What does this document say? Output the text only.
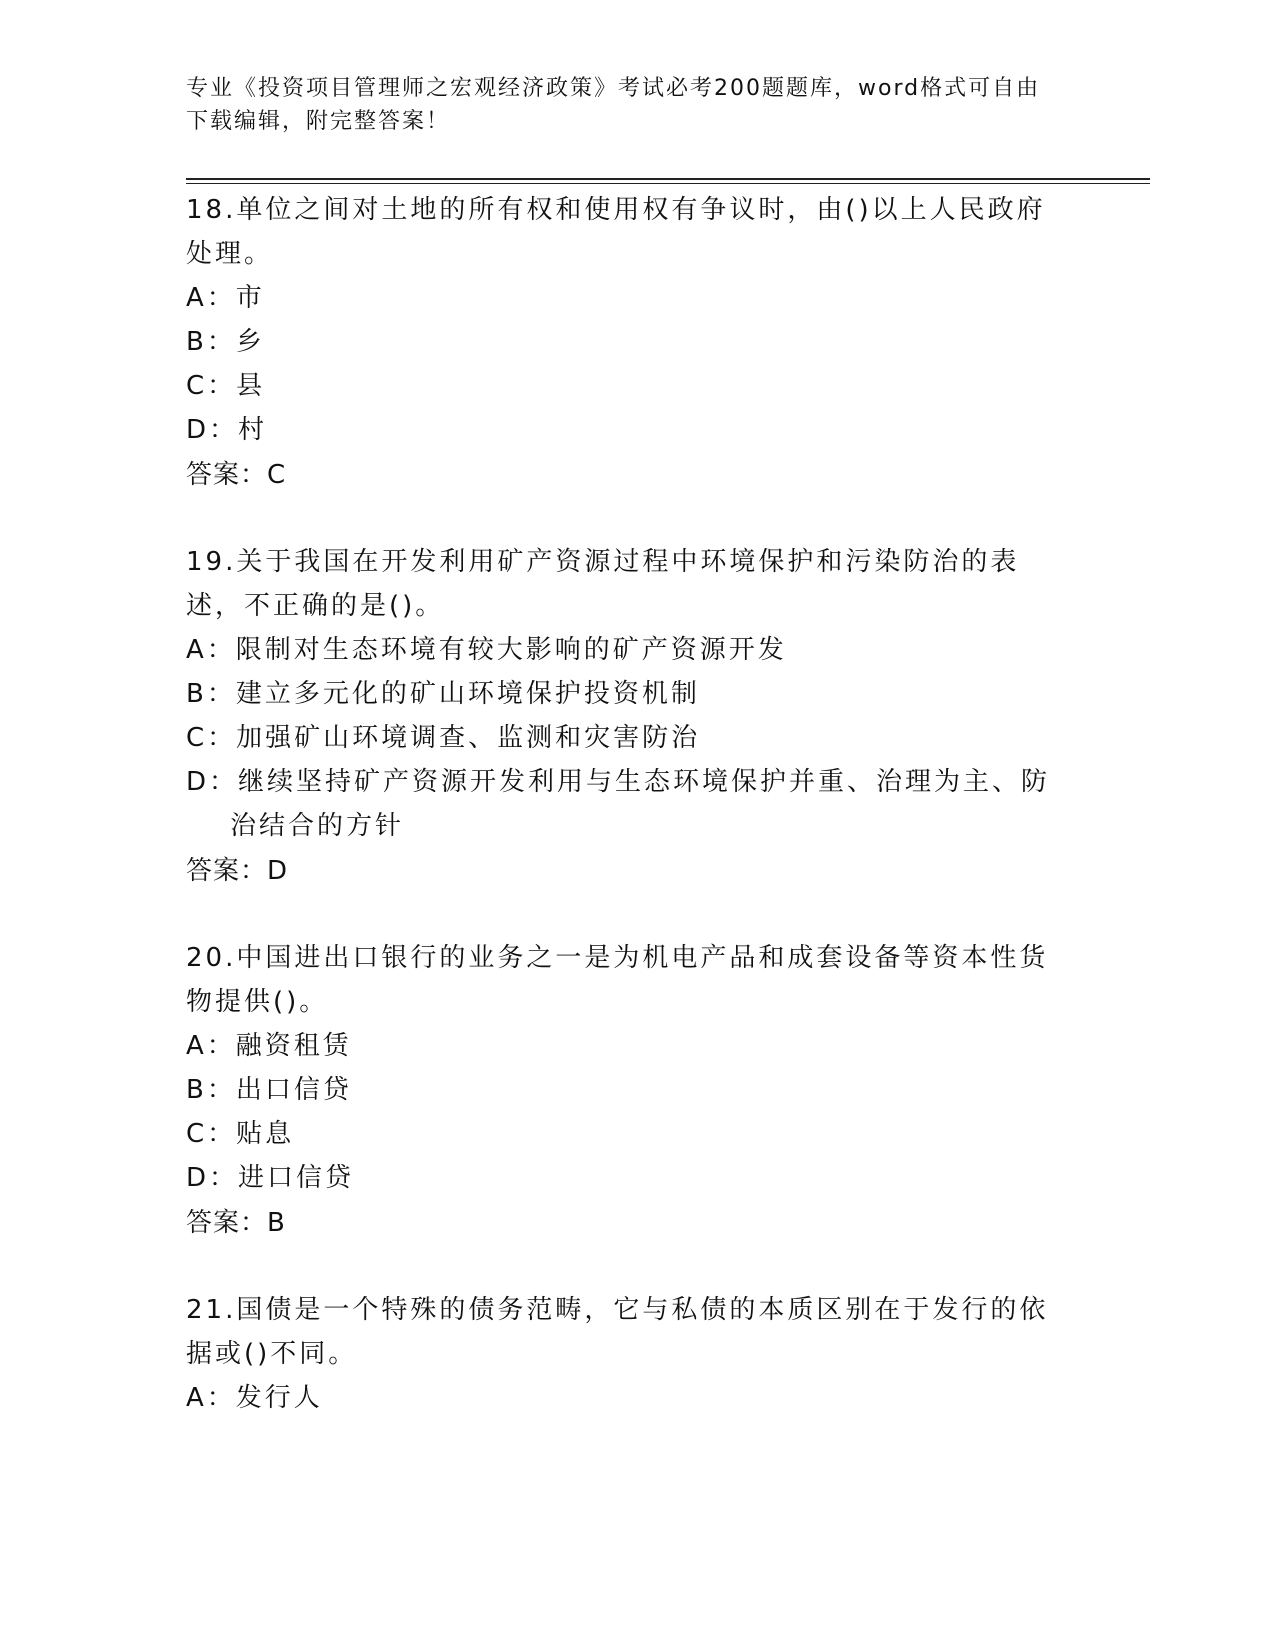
专业《投资项目管理师之宏观经济政策》考试必考200题题库，word格式可自由
下载编辑，附完整答案！

18.单位之间对土地的所有权和使用权有争议时，由()以上人民政府处理。

A：市

B：乡

C：县

D：村

答案：C

19.关于我国在开发利用矿产资源过程中环境保护和污染防治的表述，不正确的是()。

A：限制对生态环境有较大影响的矿产资源开发

B：建立多元化的矿山环境保护投资机制

C：加强矿山环境调查、监测和灾害防治

D：继续坚持矿产资源开发利用与生态环境保护并重、治理为主、防治结合的方针

答案：D

20.中国进出口银行的业务之一是为机电产品和成套设备等资本性货物提供()。

A：融资租赁

B：出口信贷

C：贴息

D：进口信贷

答案：B

21.国债是一个特殊的债务范畴，它与私债的本质区别在于发行的依据或()不同。

A：发行人
